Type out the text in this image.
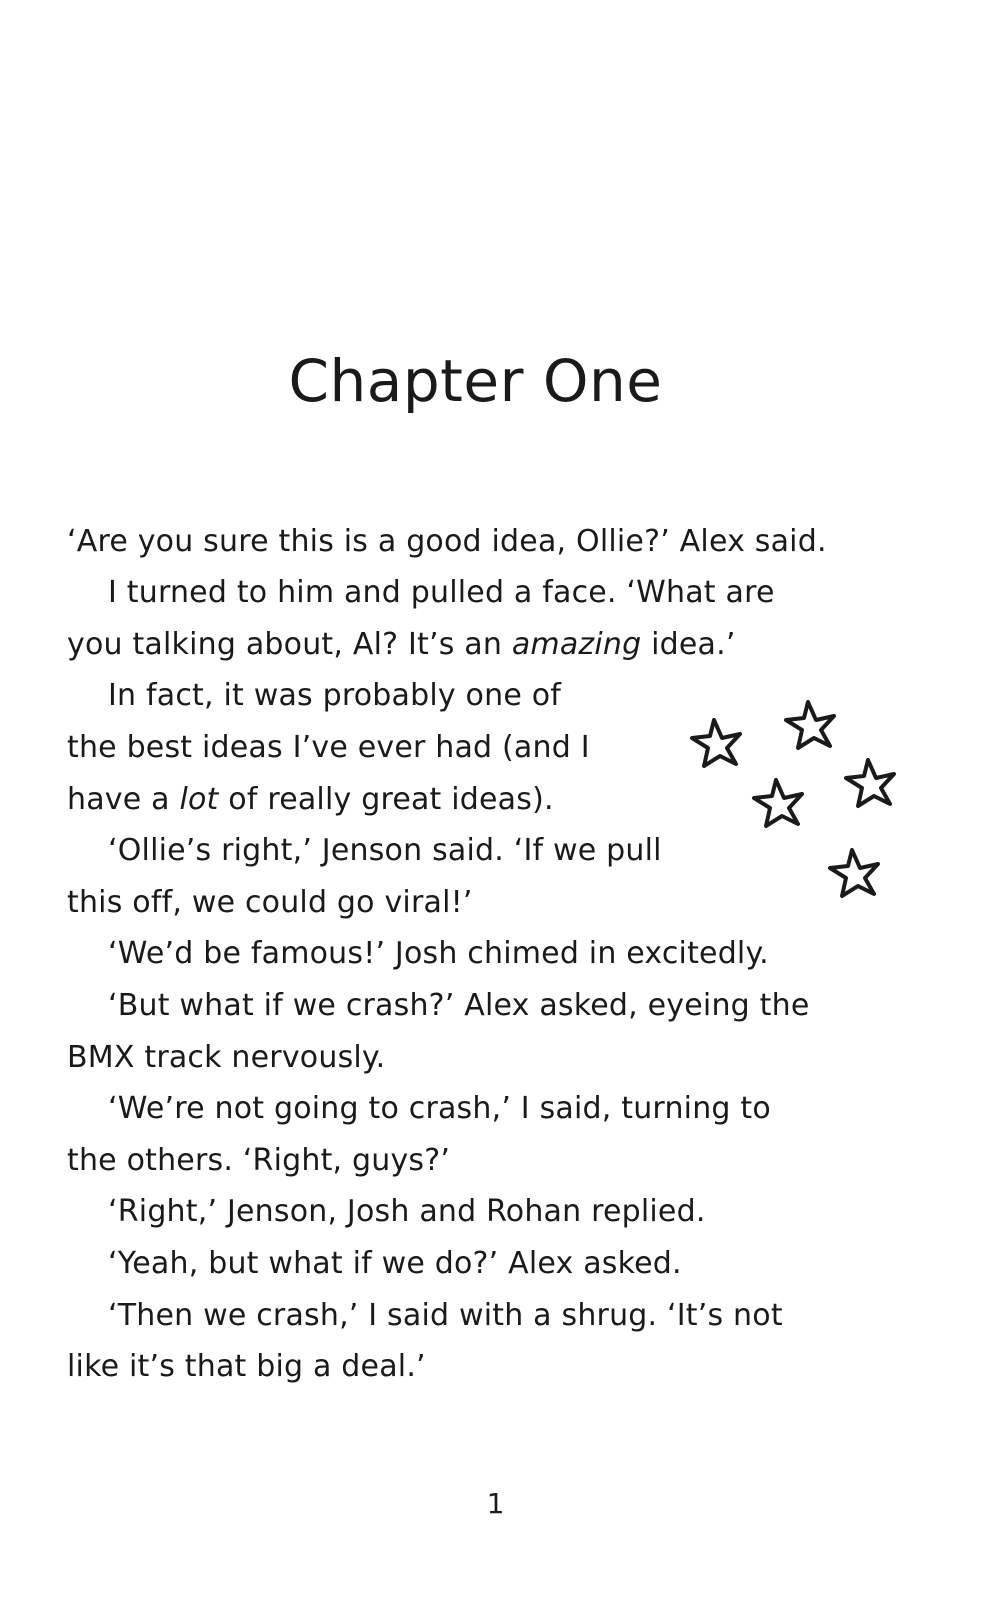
Chapter One
‘Are you sure this is a good idea, Ollie?’ Alex said.
I turned to him and pulled a face. ‘What are
you talking about, Al? It’s an amazing idea.’
In fact, it was probably one of
the best ideas I’ve ever had (and I
have a lot of really great ideas).
‘Ollie’s right,’ Jenson said. ‘If we pull
this off, we could go viral!’
‘We’d be famous!’ Josh chimed in excitedly.
‘But what if we crash?’ Alex asked, eyeing the
BMX track nervously.
‘We’re not going to crash,’ I said, turning to
the others. ‘Right, guys?’
‘Right,’ Jenson, Josh and Rohan replied.
‘Yeah, but what if we do?’ Alex asked.
‘Then we crash,’ I said with a shrug. ‘It’s not
like it’s that big a deal.’
1
